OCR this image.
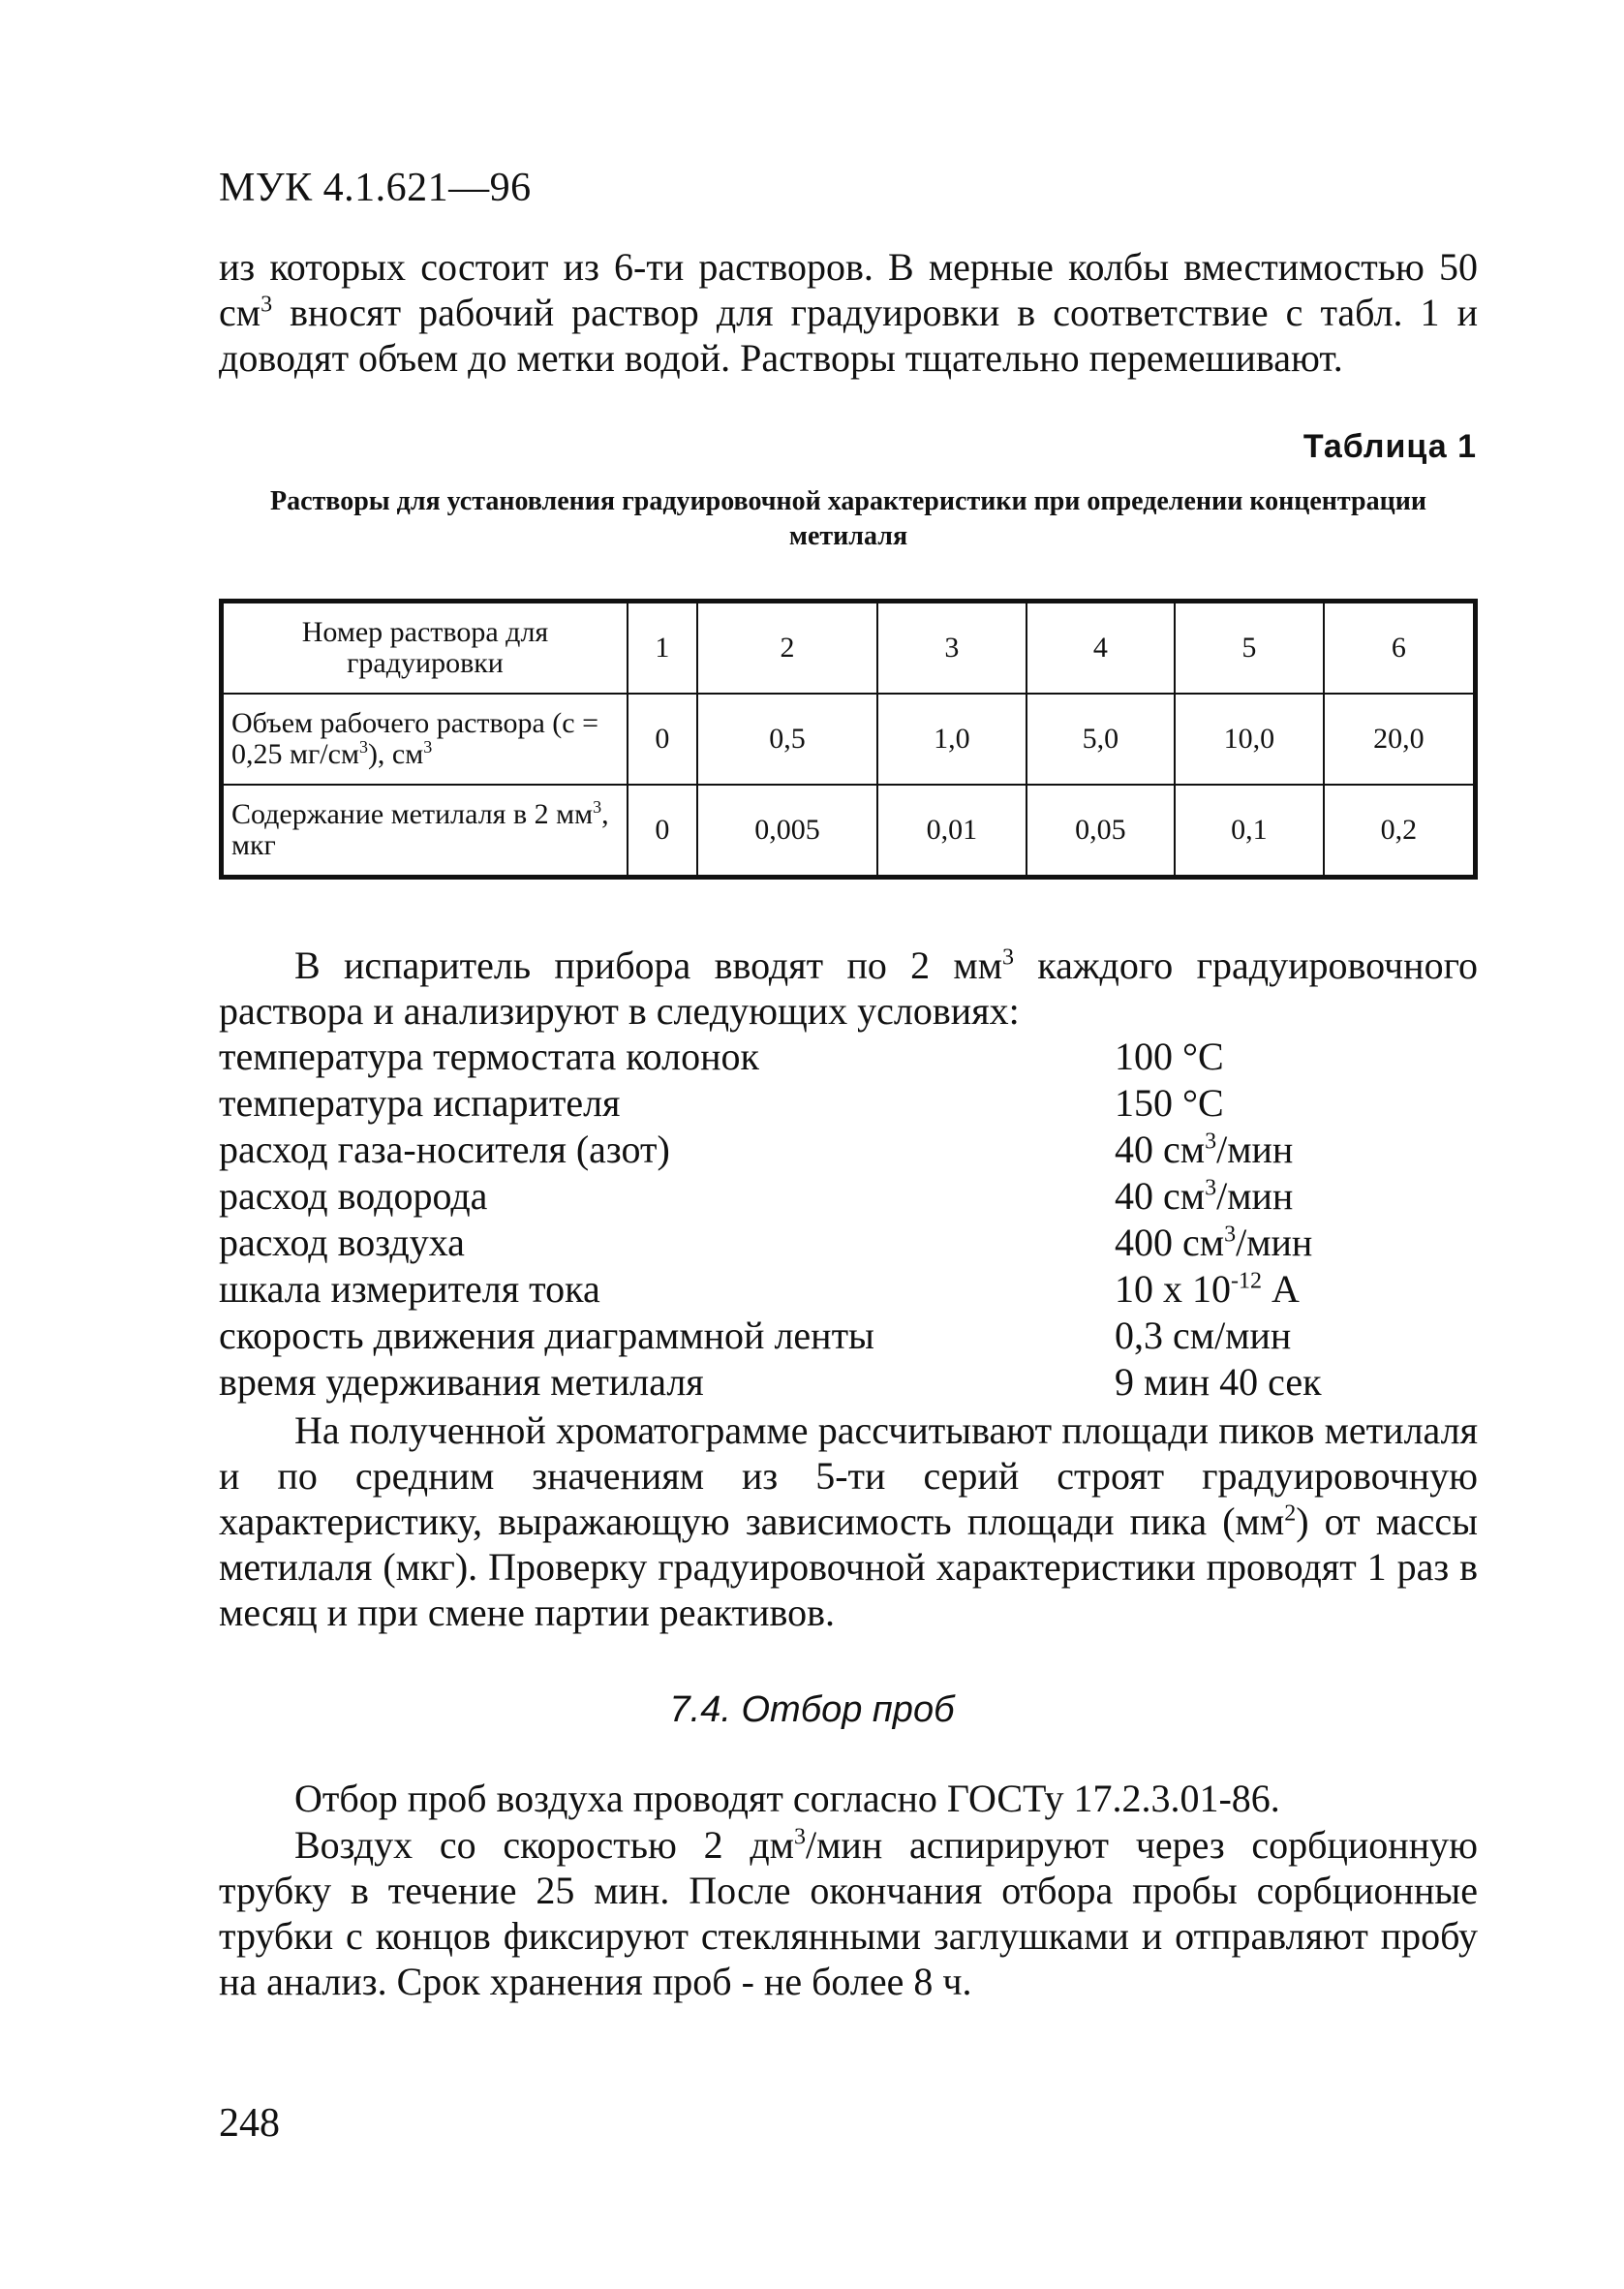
МУК 4.1.621—96
из которых состоит из 6-ти растворов. В мерные колбы вместимостью 50 $см^3$ вносят рабочий раствор для градуировки в соответствие с табл. 1 и доводят объем до метки водой. Растворы тщательно перемешивают.
Таблица 1
Растворы для установления градуировочной характеристики при определении концентрации метилаля
Номер раствора для градуировки	1	2	3	4	5	6
Объем рабочего раствора (с = 0,25 $мг/см^3$), $см^3$	0	0,5	1,0	5,0	10,0	20,0
Содержание метилаля в 2 $мм^3$, мкг	0	0,005	0,01	0,05	0,1	0,2
В испаритель прибора вводят по 2 $мм^3$ каждого градуировочного раствора и анализируют в следующих условиях:
температура термостата колонок	100 °С
температура испарителя	150 °С
расход газа-носителя (азот)	40 $см^3$/мин
расход водорода	40 $см^3$/мин
расход воздуха	400 $см^3$/мин
шкала измерителя тока	10 x $10^{-12}$ А
скорость движения диаграммной ленты	0,3 см/мин
время удерживания метилаля	9 мин 40 сек
На полученной хроматограмме рассчитывают площади пиков метилаля и по средним значениям из 5-ти серий строят градуировочную характеристику, выражающую зависимость площади пика $(мм^2)$ от массы метилаля (мкг). Проверку градуировочной характеристики проводят 1 раз в месяц и при смене партии реактивов.
7.4. Отбор проб
Отбор проб воздуха проводят согласно ГОСТу 17.2.3.01-86.
Воздух со скоростью 2 $дм^3$/мин аспирируют через сорбционную трубку в течение 25 мин. После окончания отбора пробы сорбционные трубки с концов фиксируют стеклянными заглушками и отправляют пробу на анализ. Срок хранения проб - не более 8 ч.
248
